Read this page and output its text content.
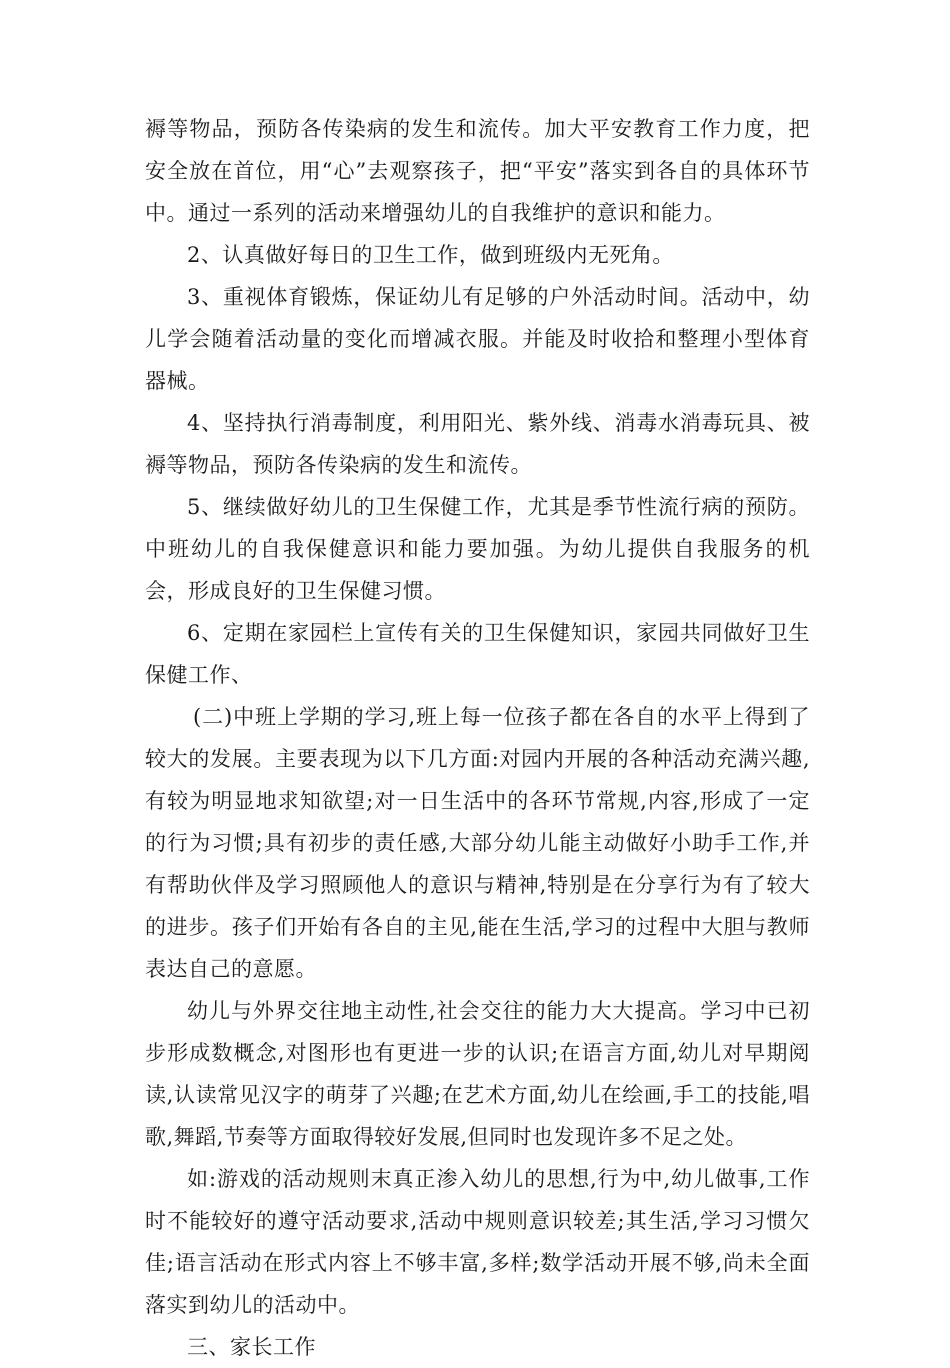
褥等物品，预防各传染病的发生和流传。加大平安教育工作力度，把安全放在首位，用“心”去观察孩子，把“平安”落实到各自的具体环节中。通过一系列的活动来增强幼儿的自我维护的意识和能力。

2、认真做好每日的卫生工作，做到班级内无死角。

3、重视体育锻炼，保证幼儿有足够的户外活动时间。活动中，幼儿学会随着活动量的变化而增减衣服。并能及时收拾和整理小型体育器械。

4、坚持执行消毒制度，利用阳光、紫外线、消毒水消毒玩具、被褥等物品，预防各传染病的发生和流传。

5、继续做好幼儿的卫生保健工作，尤其是季节性流行病的预防。中班幼儿的自我保健意识和能力要加强。为幼儿提供自我服务的机会，形成良好的卫生保健习惯。

6、定期在家园栏上宣传有关的卫生保健知识，家园共同做好卫生保健工作、

(二)中班上学期的学习,班上每一位孩子都在各自的水平上得到了较大的发展。主要表现为以下几方面:对园内开展的各种活动充满兴趣,有较为明显地求知欲望;对一日生活中的各环节常规,内容,形成了一定的行为习惯;具有初步的责任感,大部分幼儿能主动做好小助手工作,并有帮助伙伴及学习照顾他人的意识与精神,特别是在分享行为有了较大的进步。孩子们开始有各自的主见,能在生活,学习的过程中大胆与教师表达自己的意愿。

幼儿与外界交往地主动性,社会交往的能力大大提高。学习中已初步形成数概念,对图形也有更进一步的认识;在语言方面,幼儿对早期阅读,认读常见汉字的萌芽了兴趣;在艺术方面,幼儿在绘画,手工的技能,唱歌,舞蹈,节奏等方面取得较好发展,但同时也发现许多不足之处。

如:游戏的活动规则末真正渗入幼儿的思想,行为中,幼儿做事,工作时不能较好的遵守活动要求,活动中规则意识较差;其生活,学习习惯欠佳;语言活动在形式内容上不够丰富,多样;数学活动开展不够,尚未全面落实到幼儿的活动中。

三、家长工作
